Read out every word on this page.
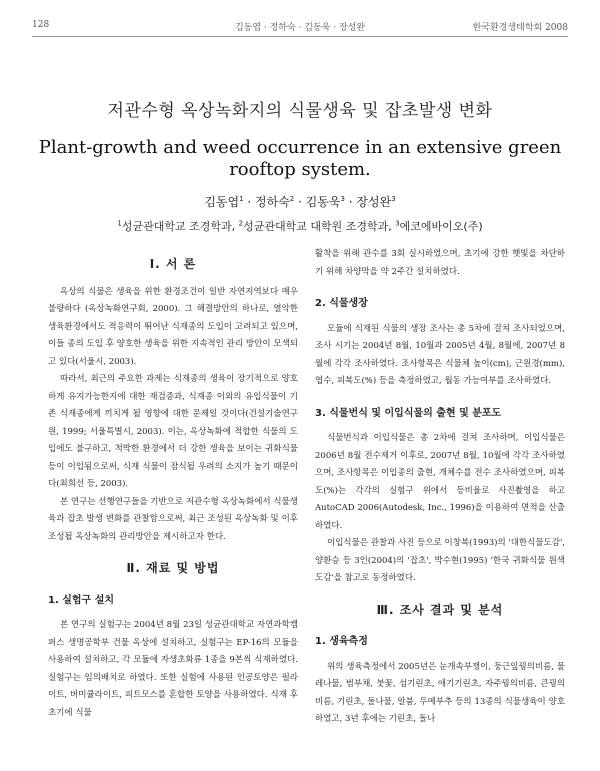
128	김동엽 · 정하숙 · 김동욱 · 장성완	한국환경생태학회 2008

저관수형 옥상녹화지의 식물생육 및 잡초발생 변화

Plant-growth and weed occurrence in an extensive green rooftop system.

김동엽$^1$ · 정하숙$^2$ · 김동욱$^3$ · 장성완$^3$

$^1$성균관대학교 조경학과, $^2$성균관대학교 대학원 조경학과, $^3$에코에바이오(주)

Ⅰ. 서 론

옥상의 식물은 생육을 위한 환경조건이 일반 자연지역보다 매우 불량하다 (옥상녹화연구회, 2000). 그 해결방안의 하나로, 열악한 생육환경에서도 적응력이 뛰어난 식재종의 도입이 고려되고 있으며, 이들 종의 도입 후 양호한 생육을 위한 지속적인 관리 방안이 모색되고 있다(서울시, 2003).

따라서, 최근의 주요한 과제는 식재종의 생육이 장기적으로 양호하게 유지가능한지에 대한 재검증과, 식재종 이외의 유입식물이 기존 식재종에게 끼치게 될 영향에 대한 문제일 것이다(건설기술연구원, 1999; 서울특별시, 2003). 이는, 옥상녹화에 적합한 식물의 도입에도 불구하고, 척박한 환경에서 더 강한 생육을 보이는 귀화식물 등이 이입됨으로써, 식재 식물이 잠식될 우려의 소지가 높기 때문이다(최희선 등, 2003).

본 연구는 선행연구들을 기반으로 저관수형 옥상녹화에서 식물생육과 잡초 발생 변화를 관찰함으로써, 최근 조성된 옥상녹화 및 이후 조성될 옥상녹화의 관리방안을 제시하고자 한다.

Ⅱ. 재료 및 방법
1. 실험구 설치

본 연구의 실험구는 2004년 8월 23일 성균관대학교 자연과학캠퍼스 생명공학부 건물 옥상에 설치하고, 실험구는 EP-16의 모듈을 사용하여 설치하고, 각 모듈에 자생초화류 1종을 9본씩 식재하였다. 실험구는 임의배치로 하였다. 또한 실험에 사용된 인공토양은 펄라이트, 버미큘라이트, 피트모스를 혼합한 토양을 사용하였다. 식재 후 초기에 식물

활착을 위해 관수를 3회 실시하였으며, 초기에 강한 햇빛을 차단하기 위해 차양막을 약 2주간 설치하였다.

2. 식물생장

모듈에 식재된 식물의 생장 조사는 총 5차에 걸쳐 조사되었으며, 조사 시기는 2004년 8월, 10월과 2005년 4월, 8월에, 2007년 8월에 각각 조사하였다. 조사항목은 식물체 높이(cm), 근원경(mm), 엽수, 피복도(%) 등을 측정하였고, 월동 가능여부를 조사하였다.

3. 식물번식 및 이입식물의 출현 및 분포도

식물번식과 이입식물은 총 2차에 걸쳐 조사하며, 이입식물은 2006년 8월 전수제거 이후로, 2007년 8월, 10월에 각각 조사하였으며, 조사항목은 이입종의 출현, 개체수를 전수 조사하였으며, 피복도(%)는 각각의 실험구 위에서 등비율로 사진촬영을 하고 AutoCAD 2006(Autodesk, Inc., 1996)을 이용하여 면적을 산출하였다.

이입식물은 관찰과 사진 등으로 이창복(1993)의 '대한식물도감', 양환승 등 3인(2004)의 '잡초', 박수현(1995) '한국 귀화식물 원색도감'을 참고로 동정하였다.

Ⅲ. 조사 결과 및 분석
1. 생육측정

위의 생육측정에서 2005년은 눈개속부쟁이, 둥근잎꿩의비름, 물레나물, 범부채, 붓꽃, 섬기린초, 애기기린초, 자주꿩의비름, 큰꿩의비름, 기린초, 돌나물, 알붐, 두메부추 등의 13종의 식물생육이 양호하였고, 3년 후에는 기린초, 돌나
